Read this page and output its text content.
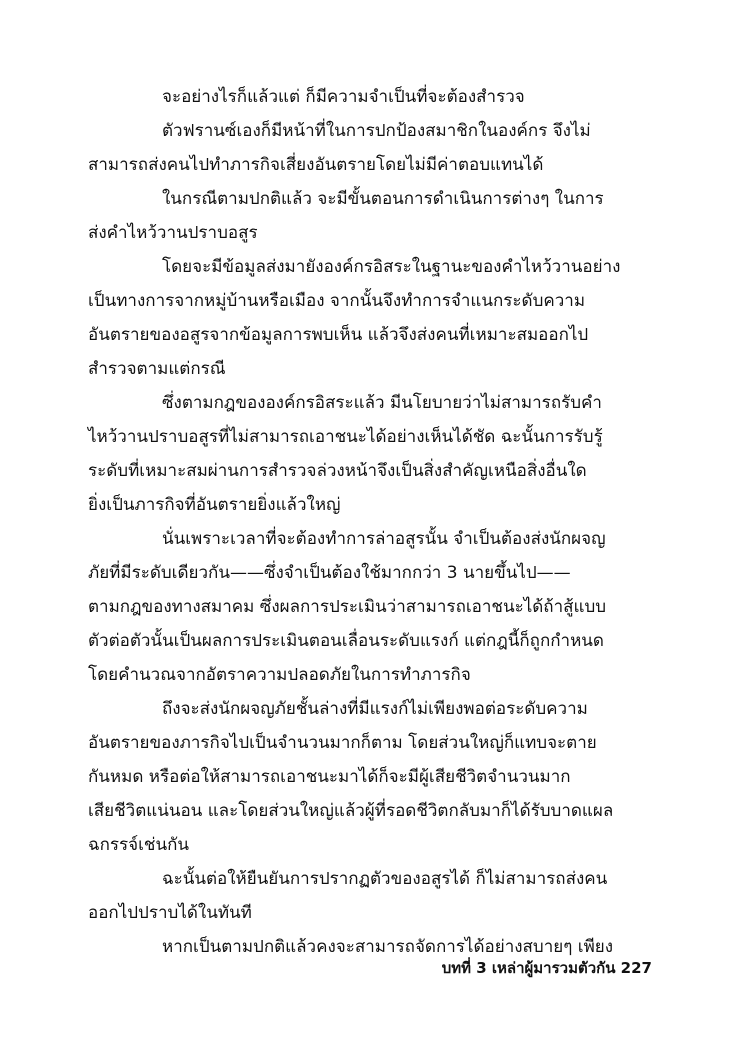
จะอย่างไรก็แล้วแต่ ก็มีความจำเป็นที่จะต้องสำรวจ
ตัวฟรานซ์เองก็มีหน้าที่ในการปกป้องสมาชิกในองค์กร จึงไม่
สามารถส่งคนไปทำภารกิจเสี่ยงอันตรายโดยไม่มีค่าตอบแทนได้
ในกรณีตามปกติแล้ว จะมีขั้นตอนการดำเนินการต่างๆ ในการ
ส่งคำไหว้วานปราบอสูร
โดยจะมีข้อมูลส่งมายังองค์กรอิสระในฐานะของคำไหว้วานอย่าง
เป็นทางการจากหมู่บ้านหรือเมือง จากนั้นจึงทำการจำแนกระดับความ
อันตรายของอสูรจากข้อมูลการพบเห็น แล้วจึงส่งคนที่เหมาะสมออกไป
สำรวจตามแต่กรณี
ซึ่งตามกฎขององค์กรอิสระแล้ว มีนโยบายว่าไม่สามารถรับคำ
ไหว้วานปราบอสูรที่ไม่สามารถเอาชนะได้อย่างเห็นได้ชัด ฉะนั้นการรับรู้
ระดับที่เหมาะสมผ่านการสำรวจล่วงหน้าจึงเป็นสิ่งสำคัญเหนือสิ่งอื่นใด
ยิ่งเป็นภารกิจที่อันตรายยิ่งแล้วใหญ่
นั่นเพราะเวลาที่จะต้องทำการล่าอสูรนั้น จำเป็นต้องส่งนักผจญ
ภัยที่มีระดับเดียวกัน——ซึ่งจำเป็นต้องใช้มากกว่า 3 นายขึ้นไป——
ตามกฎของทางสมาคม ซึ่งผลการประเมินว่าสามารถเอาชนะได้ถ้าสู้แบบ
ตัวต่อตัวนั้นเป็นผลการประเมินตอนเลื่อนระดับแรงก์ แต่กฎนี้ก็ถูกกำหนด
โดยคำนวณจากอัตราความปลอดภัยในการทำภารกิจ
ถึงจะส่งนักผจญภัยชั้นล่างที่มีแรงก์ไม่เพียงพอต่อระดับความ
อันตรายของภารกิจไปเป็นจำนวนมากก็ตาม โดยส่วนใหญ่ก็แทบจะตาย
กันหมด หรือต่อให้สามารถเอาชนะมาได้ก็จะมีผู้เสียชีวิตจำนวนมาก
เสียชีวิตแน่นอน และโดยส่วนใหญ่แล้วผู้ที่รอดชีวิตกลับมาก็ได้รับบาดแผล
ฉกรรจ์เช่นกัน
ฉะนั้นต่อให้ยืนยันการปรากฏตัวของอสูรได้ ก็ไม่สามารถส่งคน
ออกไปปราบได้ในทันที
หากเป็นตามปกติแล้วคงจะสามารถจัดการได้อย่างสบายๆ เพียง
บทที่ 3 เหล่าผู้มารวมตัวกัน 227
